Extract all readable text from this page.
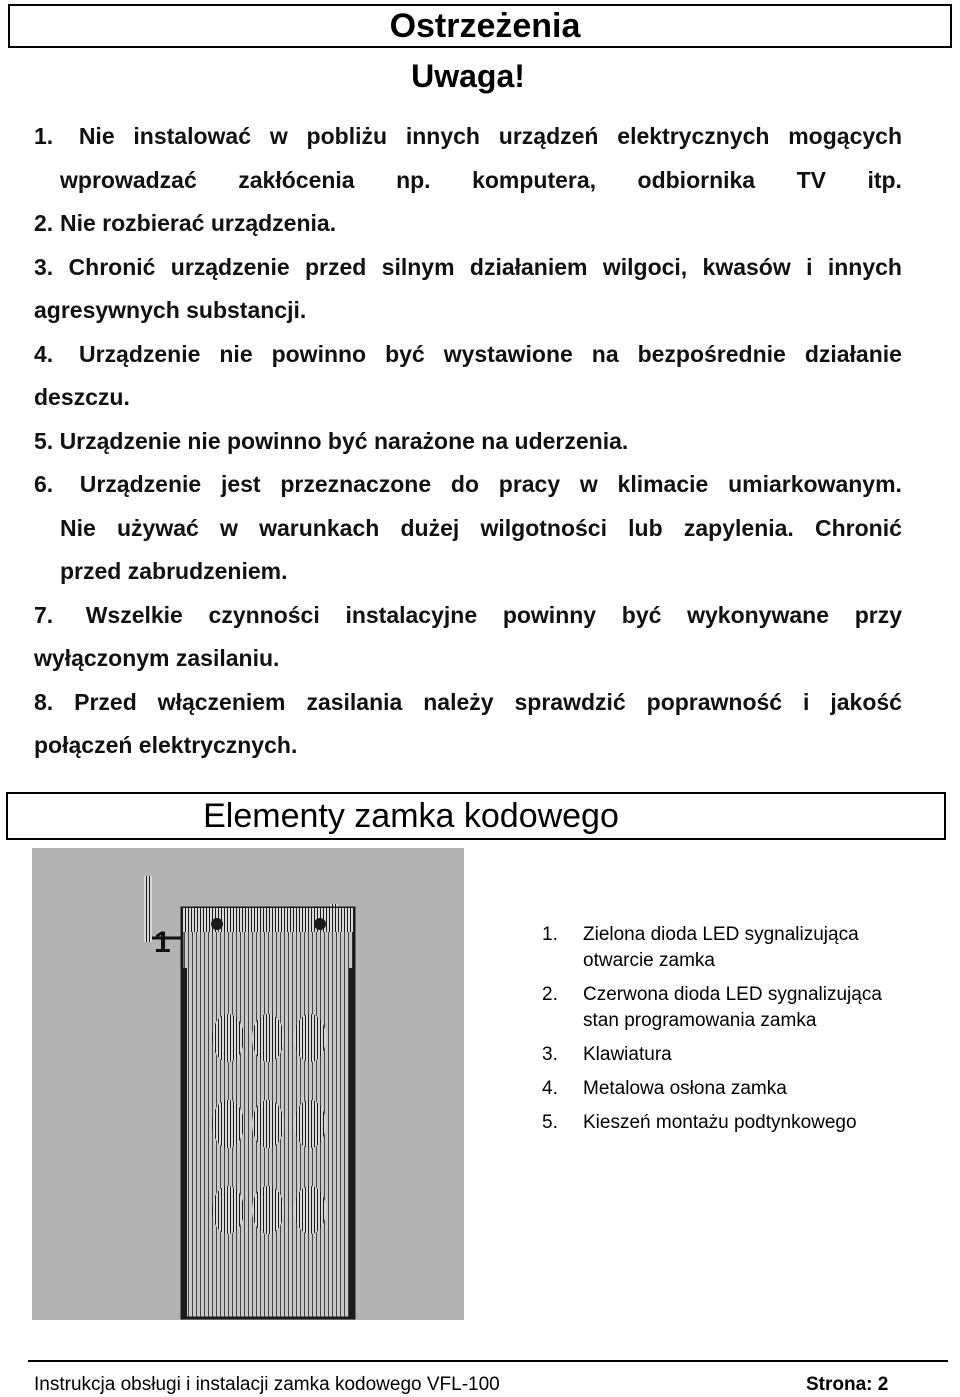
Ostrzeżenia
Uwaga!
1. Nie instalować w pobliżu innych urządzeń elektrycznych mogących
wprowadzać zakłócenia np. komputera, odbiornika TV itp.
2. Nie rozbierać urządzenia.
3. Chronić urządzenie przed silnym działaniem wilgoci, kwasów i innych
agresywnych substancji.
4. Urządzenie nie powinno być wystawione na bezpośrednie działanie
deszczu.
5. Urządzenie nie powinno być narażone na uderzenia.
6. Urządzenie jest przeznaczone do pracy w klimacie umiarkowanym.
Nie używać w warunkach dużej wilgotności lub zapylenia. Chronić
przed zabrudzeniem.
7. Wszelkie czynności instalacyjne powinny być wykonywane przy
wyłączonym zasilaniu.
8. Przed włączeniem zasilania należy sprawdzić poprawność i jakość
połączeń elektrycznych.
Elementy zamka kodowego
1	1.	Zielona dioda LED sygnalizująca otwarcie zamka
2.	Czerwona dioda LED sygnalizująca stan programowania zamka
3.	Klawiatura
4.	Metalowa osłona zamka
5.	Kieszeń montażu podtynkowego
Instrukcja obsługi i instalacji zamka kodowego VFL-100	Strona: 2
